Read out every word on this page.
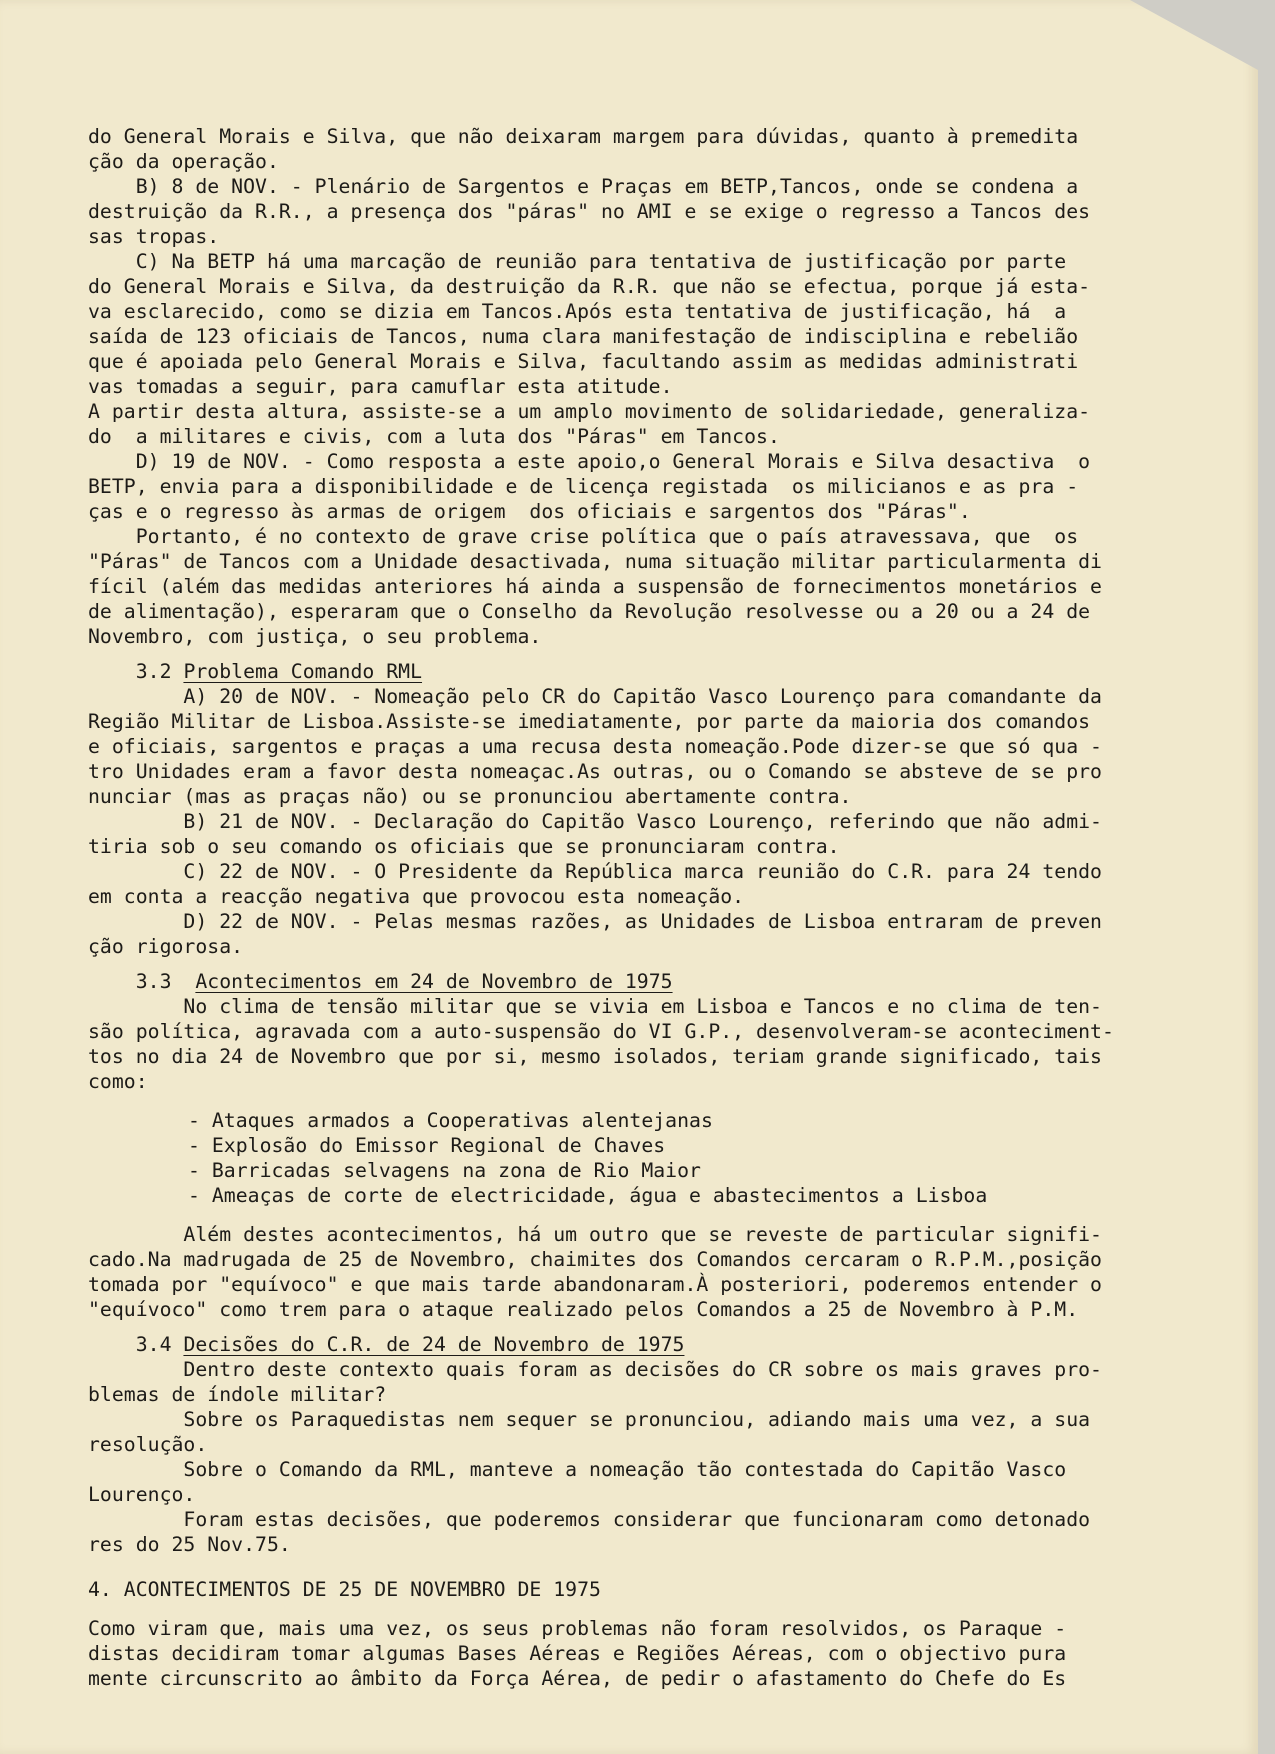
do General Morais e Silva, que não deixaram margem para dúvidas, quanto à premedita
ção da operação.
B) 8 de NOV. - Plenário de Sargentos e Praças em BETP,Tancos, onde se condena a
destruição da R.R., a presença dos "páras" no AMI e se exige o regresso a Tancos des
sas tropas.
C) Na BETP há uma marcação de reunião para tentativa de justificação por parte
do General Morais e Silva, da destruição da R.R. que não se efectua, porque já esta-
va esclarecido, como se dizia em Tancos.Após esta tentativa de justificação, há  a
saída de 123 oficiais de Tancos, numa clara manifestação de indisciplina e rebelião
que é apoiada pelo General Morais e Silva, facultando assim as medidas administrati
vas tomadas a seguir, para camuflar esta atitude.
A partir desta altura, assiste-se a um amplo movimento de solidariedade, generaliza-
do  a militares e civis, com a luta dos "Páras" em Tancos.
D) 19 de NOV. - Como resposta a este apoio,o General Morais e Silva desactiva  o
BETP, envia para a disponibilidade e de licença registada  os milicianos e as pra -
ças e o regresso às armas de origem  dos oficiais e sargentos dos "Páras".
Portanto, é no contexto de grave crise política que o país atravessava, que  os
"Páras" de Tancos com a Unidade desactivada, numa situação militar particularmenta di
fícil (além das medidas anteriores há ainda a suspensão de fornecimentos monetários e
de alimentação), esperaram que o Conselho da Revolução resolvesse ou a 20 ou a 24 de
Novembro, com justiça, o seu problema.
3.2 Problema Comando RML
A) 20 de NOV. - Nomeação pelo CR do Capitão Vasco Lourenço para comandante da
Região Militar de Lisboa.Assiste-se imediatamente, por parte da maioria dos comandos
e oficiais, sargentos e praças a uma recusa desta nomeação.Pode dizer-se que só qua -
tro Unidades eram a favor desta nomeaçac.As outras, ou o Comando se absteve de se pro
nunciar (mas as praças não) ou se pronunciou abertamente contra.
B) 21 de NOV. - Declaração do Capitão Vasco Lourenço, referindo que não admi-
tiria sob o seu comando os oficiais que se pronunciaram contra.
C) 22 de NOV. - O Presidente da República marca reunião do C.R. para 24 tendo
em conta a reacção negativa que provocou esta nomeação.
D) 22 de NOV. - Pelas mesmas razões, as Unidades de Lisboa entraram de preven
ção rigorosa.
3.3  Acontecimentos em 24 de Novembro de 1975
No clima de tensão militar que se vivia em Lisboa e Tancos e no clima de ten-
são política, agravada com a auto-suspensão do VI G.P., desenvolveram-se aconteciment-
tos no dia 24 de Novembro que por si, mesmo isolados, teriam grande significado, tais
como:
- Ataques armados a Cooperativas alentejanas
- Explosão do Emissor Regional de Chaves
- Barricadas selvagens na zona de Rio Maior
- Ameaças de corte de electricidade, água e abastecimentos a Lisboa
Além destes acontecimentos, há um outro que se reveste de particular signifi-
cado.Na madrugada de 25 de Novembro, chaimites dos Comandos cercaram o R.P.M.,posição
tomada por "equívoco" e que mais tarde abandonaram.À posteriori, poderemos entender o
"equívoco" como trem para o ataque realizado pelos Comandos a 25 de Novembro à P.M.
3.4 Decisões do C.R. de 24 de Novembro de 1975
Dentro deste contexto quais foram as decisões do CR sobre os mais graves pro-
blemas de índole militar?
Sobre os Paraquedistas nem sequer se pronunciou, adiando mais uma vez, a sua
resolução.
Sobre o Comando da RML, manteve a nomeação tão contestada do Capitão Vasco
Lourenço.
Foram estas decisões, que poderemos considerar que funcionaram como detonado
res do 25 Nov.75.
4. ACONTECIMENTOS DE 25 DE NOVEMBRO DE 1975
Como viram que, mais uma vez, os seus problemas não foram resolvidos, os Paraque -
distas decidiram tomar algumas Bases Aéreas e Regiões Aéreas, com o objectivo pura
mente circunscrito ao âmbito da Força Aérea, de pedir o afastamento do Chefe do Es
